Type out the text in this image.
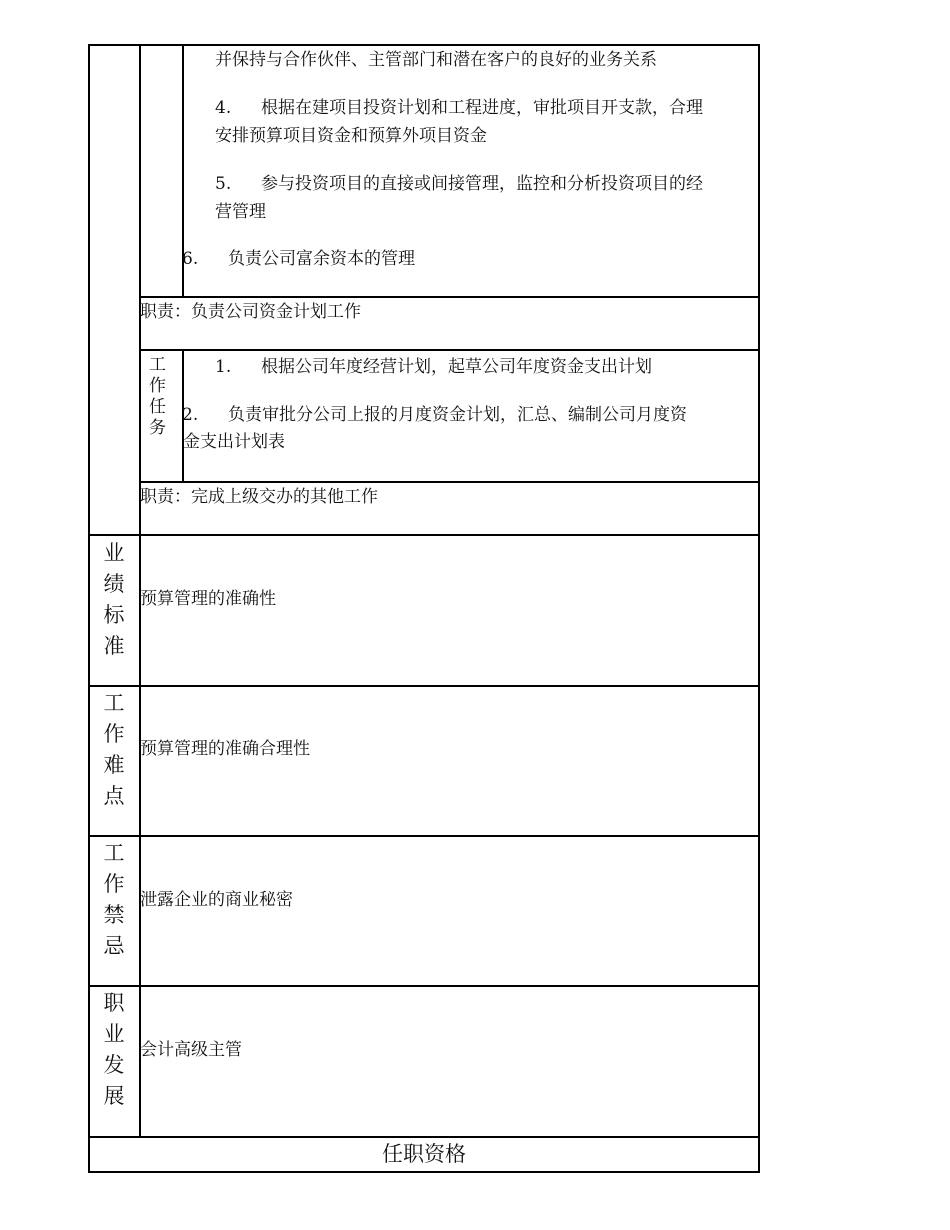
并保持与合作伙伴、主管部门和潜在客户的良好的业务关系
4. 根据在建项目投资计划和工程进度，审批项目开支款，合理
安排预算项目资金和预算外项目资金
5. 参与投资项目的直接或间接管理，监控和分析投资项目的经
营管理
6. 负责公司富余资本的管理
职责：负责公司资金计划工作
工
作
任
务
1. 根据公司年度经营计划，起草公司年度资金支出计划
2. 负责审批分公司上报的月度资金计划，汇总、编制公司月度资
金支出计划表
职责：完成上级交办的其他工作
业
绩
标
准
预算管理的准确性
工
作
难
点
预算管理的准确合理性
工
作
禁
忌
泄露企业的商业秘密
职
业
发
展
会计高级主管
任职资格
